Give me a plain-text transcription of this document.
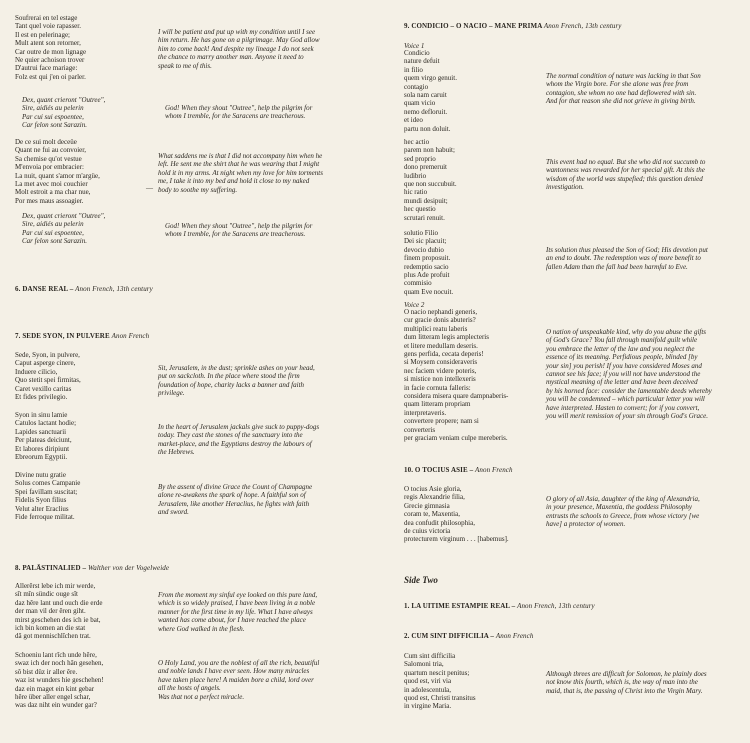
Soufrerai en tel estage
Tant quel voie rapasser.
Il est en pelerinage;
Mult atent son retorner,
Car outre de mon lignage
Ne quier achoison trover
D'autrui face mariage:
Folz est qui j'en oi parler.
I will be patient and put up with my condition until I see
him return. He has gone on a pilgrimage. May God allow
him to come back! And despite my lineage I do not seek
the chance to marry another man. Anyone it need to
speak to me of this.
Dex, quant crieront "Outree",
Sire, aidiés au pelerin
Par cui sui espoentee,
Car felon sont Sarazin.
God! When they shout "Outree", help the pilgrim for
whom I tremble, for the Saracens are treacherous.
De ce sui molt deceüe
Quant ne fui au convoier,
Sa chemise qu'ot vestue
M'envoia por embracier:
La nuit, quant s'amor m'argüe,
La met avec moi couchier
Molt estroit a ma char nue,
Por mes maus assoagier.
What saddens me is that I did not accompany him when he
left. He sent me the shirt that he was wearing that I might
hold it in my arms. At night when my love for him torments
me, I take it into my bed and hold it close to my naked
body to soothe my suffering.
—
Dex, quant crieront "Outree",
Sire, aidiés au pelerin
Par cui sui espoentee,
Car felon sont Sarazin.
God! When they shout "Outree", help the pilgrim for
whom I tremble, for the Saracens are treacherous.
6. DANSE REAL – Anon French, 13th century
7. SEDE SYON, IN PULVERE Anon French
Sede, Syon, in pulvere,
Caput asperge cinere,
Induere cilicio,
Quo stetit spei firmitas,
Caret vexillo caritas
Et fides privilegio.
Sit, Jerusalem, in the dust; sprinkle ashes on your head,
put on sackcloth. In the place where stood the firm
foundation of hope, charity lacks a banner and faith
privilege.
Syon in sinu lamie
Catulos lactant hodie;
Lapides sanctuarii
Per plateas deiciunt,
Et labores diripiunt
Ebreorum Egyptii.
In the heart of Jerusalem jackals give suck to puppy-dogs
today. They cast the stones of the sanctuary into the
market-place, and the Egyptians destroy the labours of
the Hebrews.
Divine nutu gratie
Solus comes Campanie
Spei favillam suscitat;
Fidelis Syon filius
Velut alter Eraclius
Fide ferroque militat.
By the assent of divine Grace the Count of Champagne
alone re-awakens the spark of hope. A faithful son of
Jerusalem, like another Heraclius, he fights with faith
and sword.
8. PALÄSTINALIED – Walther von der Vogelweide
Allerêrst lebe ich mir werde,
sît mîn sündic ouge sît
daz hêre lant und ouch die erde
der man vil der êren giht.
mirst geschehen des ich ie bat,
ich bin komen an die stat
dâ got mennischlîchen trat.
From the moment my sinful eye looked on this pure land,
which is so widely praised, I have been living in a noble
manner for the first time in my life. What I have always
wanted has come about, for I have reached the place
where God walked in the flesh.
Schoeniu lant rîch unde hêre,
swaz ich der noch hân gesehen,
sô bist düz ir aller êre.
waz ist wunders hie geschehen!
daz ein maget ein kint gebar
hêre über aller engel schar,
was daz niht ein wunder gar?
O Holy Land, you are the noblest of all the rich, beautiful
and noble lands I have ever seen. How many miracles
have taken place here! A maiden bore a child, lord over
all the hosts of angels.
Was that not a perfect miracle.
9. CONDICIO – O NACIO – MANE PRIMA Anon French, 13th century
Voice 1
Condicio
nature defuit
in filio
quem virgo genuit.
contagio
sola nam caruit
quam vicio
nemo defloruit.
et ideo
partu non doluit.
The normal condition of nature was lacking in that Son
whom the Virgin bore. For she alone was free from
contagion, she whom no one had deflowered with sin.
And for that reason she did not grieve in giving birth.
hec actio
parem non habuit;
sed proprio
dono premeruit
ludibrio
que non succubuit.
hic ratio
mundi desipuit;
hec questio
scrutari renuit.
This event had no equal. But she who did not succumb to
wantonness was rewarded for her special gift. At this the
wisdom of the world was stupefied; this question denied
investigation.
solutio Filio
Dei sic placuit;
devocio dubio
finem proposuit.
redemptio sacio
plus Ade profuit
commisio
quam Eve nocuit.
Its solution thus pleased the Son of God; His devotion put
an end to doubt. The redemption was of more benefit to
fallen Adam than the fall had been harmful to Eve.
Voice 2
O nacio nephandi generis,
cur gracie donis abuteris?
multiplici reatu laberis
dum litteram legis amplecteris
et litere medullam deseris.
gens perfida, cecata deperis!
si Moysem consideraveris
nec faciem videre poteris,
si mistice non intellexeris
in facie cornuta falleris:
considera misera quare dampnaberis-
quam litteram propriam
interpretaveris.
convertere propere; nam si
converteris
per graciam veniam culpe mereberis.
O nation of unspeakable kind, why do you abuse the gifts
of God's Grace? You fall through manifold guilt while
you embrace the letter of the law and you neglect the
essence of its meaning. Perfidious people, blinded [by
your sin] you perish! If you have considered Moses and
cannot see his face; if you will not have understood the
mystical meaning of the letter and have been deceived
by his horned face: consider the lamentable deeds whereby
you will be condemned – which particular letter you will
have interpreted. Hasten to convert; for if you convert,
you will merit remission of your sin through God's Grace.
10. O TOCIUS ASIE – Anon French
O tocius Asie gloria,
regis Alexandrie filia,
Grecie gimnasia
coram te, Maxentia,
dea confudit philosophia,
de cuius victoria
protecturem virginum . . . [habemus].
O glory of all Asia, daughter of the king of Alexandria,
in your presence, Maxentia, the goddess Philosophy
entrusts the schools to Greece, from whose victory [we
have] a protector of women.
Side Two
1. LA UITIME ESTAMPIE REAL – Anon French, 13th century
2. CUM SINT DIFFICILIA – Anon French
Cum sint difficilia
Salomoni tria,
quartum nescit penitus;
quod est, viri via
in adolescentula,
quod est, Christi transitus
in virgine Maria.
Although threes are difficult for Solomon, he plainly does
not know this fourth, which is, the way of man into the
maid, that is, the passing of Christ into the Virgin Mary.
